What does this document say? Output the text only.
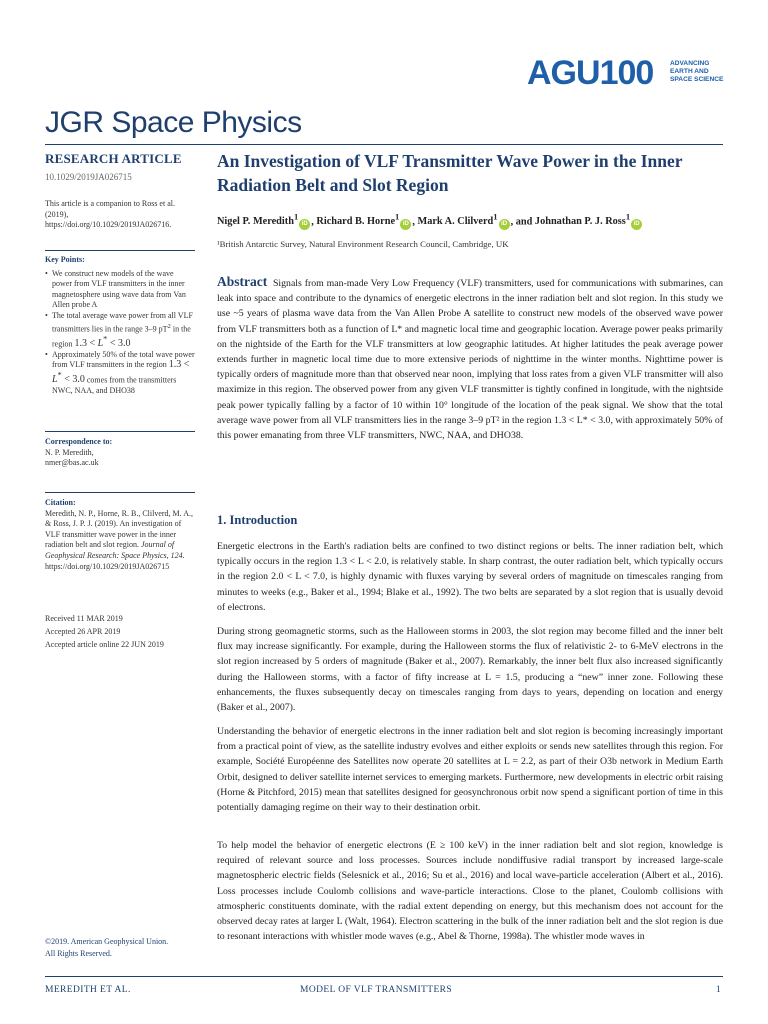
AGU100	ADVANCING
EARTH AND
SPACE SCIENCE
JGR Space Physics
RESEARCH ARTICLE
10.1029/2019JA026715
This article is a companion to Ross et al. (2019), https://doi.org/10.1029/2019JA026716.
Key Points:
• We construct new models of the wave power from VLF transmitters in the inner magnetosphere using wave data from Van Allen probe A
• The total average wave power from all VLF transmitters lies in the range 3–9 $pT^2$ in the region 1.3 < L* < 3.0
• Approximately 50% of the total wave power from VLF transmitters in the region 1.3 < L* < 3.0 comes from the transmitters NWC, NAA, and DHO38
Correspondence to:
N. P. Meredith,
nmer@bas.ac.uk
Citation:
Meredith, N. P., Horne, R. B., Clilverd, M. A., & Ross, J. P. J. (2019). An investigation of VLF transmitter wave power in the inner radiation belt and slot region. Journal of Geophysical Research: Space Physics, 124. https://doi.org/10.1029/2019JA026715
Received 11 MAR 2019
Accepted 26 APR 2019
Accepted article online 22 JUN 2019
©2019. American Geophysical Union.
All Rights Reserved.
An Investigation of VLF Transmitter Wave Power in the Inner Radiation Belt and Slot Region
Nigel P. Meredith$^1$iD , Richard B. Horne$^1$iD , Mark A. Clilverd$^1$iD , and Johnathan P. J. Ross$^1$iD
¹British Antarctic Survey, Natural Environment Research Council, Cambridge, UK
Abstract Signals from man-made Very Low Frequency (VLF) transmitters, used for communications with submarines, can leak into space and contribute to the dynamics of energetic electrons in the inner radiation belt and slot region. In this study we use ~5 years of plasma wave data from the Van Allen Probe A satellite to construct new models of the observed wave power from VLF transmitters both as a function of L* and magnetic local time and geographic location. Average power peaks primarily on the nightside of the Earth for the VLF transmitters at low geographic latitudes. At higher latitudes the peak average power extends further in magnetic local time due to more extensive periods of nighttime in the winter months. Nighttime power is typically orders of magnitude more than that observed near noon, implying that loss rates from a given VLF transmitter will also maximize in this region. The observed power from any given VLF transmitter is tightly confined in longitude, with the nightside peak power typically falling by a factor of 10 within 10° longitude of the location of the peak signal. We show that the total average wave power from all VLF transmitters lies in the range 3–9 pT² in the region 1.3 < L* < 3.0, with approximately 50% of this power emanating from three VLF transmitters, NWC, NAA, and DHO38.
1. Introduction
Energetic electrons in the Earth's radiation belts are confined to two distinct regions or belts. The inner radiation belt, which typically occurs in the region 1.3 < L < 2.0, is relatively stable. In sharp contrast, the outer radiation belt, which typically occurs in the region 2.0 < L < 7.0, is highly dynamic with fluxes varying by several orders of magnitude on timescales ranging from minutes to weeks (e.g., Baker et al., 1994; Blake et al., 1992). The two belts are separated by a slot region that is usually devoid of electrons.
During strong geomagnetic storms, such as the Halloween storms in 2003, the slot region may become filled and the inner belt flux may increase significantly. For example, during the Halloween storms the flux of relativistic 2- to 6-MeV electrons in the slot region increased by 5 orders of magnitude (Baker et al., 2007). Remarkably, the inner belt flux also increased significantly during the Halloween storms, with a factor of fifty increase at L = 1.5, producing a “new” inner zone. Following these enhancements, the fluxes subsequently decay on timescales ranging from days to years, depending on location and energy (Baker et al., 2007).
Understanding the behavior of energetic electrons in the inner radiation belt and slot region is becoming increasingly important from a practical point of view, as the satellite industry evolves and either exploits or sends new satellites through this region. For example, Société Européenne des Satellites now operate 20 satellites at L = 2.2, as part of their O3b network in Medium Earth Orbit, designed to deliver satellite internet services to emerging markets. Furthermore, new developments in electric orbit raising (Horne & Pitchford, 2015) mean that satellites designed for geosynchronous orbit now spend a significant portion of time in this potentially damaging regime on their way to their destination orbit.
To help model the behavior of energetic electrons (E ≥ 100 keV) in the inner radiation belt and slot region, knowledge is required of relevant source and loss processes. Sources include nondiffusive radial transport by increased large-scale magnetospheric electric fields (Selesnick et al., 2016; Su et al., 2016) and local wave-particle acceleration (Albert et al., 2016). Loss processes include Coulomb collisions and wave-particle interactions. Close to the planet, Coulomb collisions with atmospheric constituents dominate, with the radial extent depending on energy, but this mechanism does not account for the observed decay rates at larger L (Walt, 1964). Electron scattering in the bulk of the inner radiation belt and the slot region is due to resonant interactions with whistler mode waves (e.g., Abel & Thorne, 1998a). The whistler mode waves in
MEREDITH ET AL.	MODEL OF VLF TRANSMITTERS	1
